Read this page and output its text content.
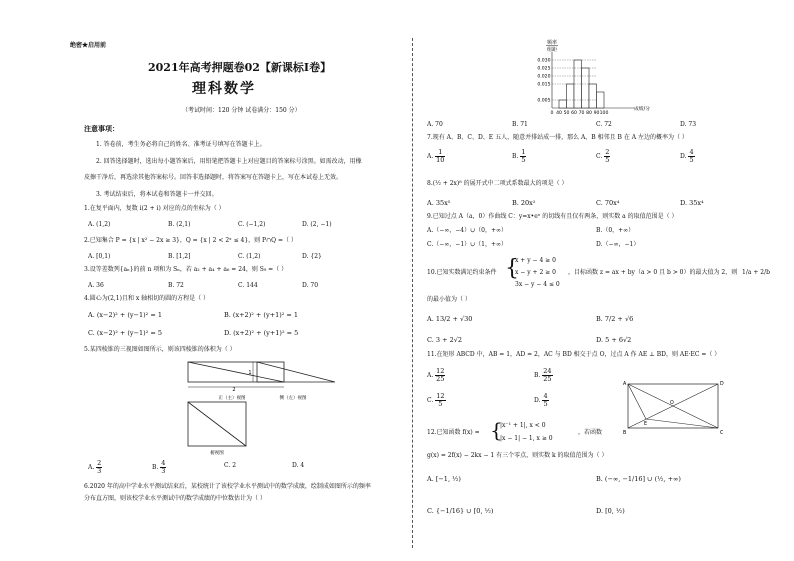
绝密★启用前
2021年高考押题卷02【新课标Ⅰ卷】
理科数学
（考试时间：120 分钟 试卷满分：150 分）
注意事项：
1. 答卷前，考生务必将自己的姓名、准考证号填写在答题卡上。
2. 回答选择题时，选出每小题答案后，用铅笔把答题卡上对应题目的答案标号涂黑。如需改动，用橡
皮擦干净后，再选涂其他答案标号。回答非选择题时，将答案写在答题卡上，写在本试卷上无效。
3. 考试结束后，将本试卷和答题卡一并交回。
1.在复平面内，复数 i(2 + i) 对应的点的坐标为（ ）
A. (1,2)	B. (2,1)	C. (−1,2)	D. (2, −1)
2.已知集合 P = {x | x² − 2x ≥ 3}，Q = {x | 2 < 2ˣ ≤ 4}，则 P∩Q =（ ）
A. [0,1)	B. [1,2]	C. (1,2)	D. {2}
3.设等差数列{aₙ}的前 n 项和为 Sₙ，若 a₂ + a₄ + a₆ = 24，则 S₉ =（ ）
A. 36	B. 72	C. 144	D. 70
4.圆心为(2,1)且和 x 轴相切的圆的方程是（ ）
A. (x−2)² + (y−1)² = 1	B. (x+2)² + (y+1)² = 1
C. (x−2)² + (y−1)² = 5	D. (x+2)² + (y+1)² = 5
5.某四棱锥的三视图如图所示，则该四棱锥的体积为（ ）
2
正（主）视图
1
侧（左）视图
俯视图
A. $\frac{2}{3}$	B. $\frac{4}{3}$	C. 2	D. 4
6.2020 年的高中学业水平测试结束后，某校统计了该校学业水平测试中的数学成绩，绘制成如图所示的频率
分布直方图，则该校学业水平测试中的数学成绩的中位数估计为（ ）
频率
组距
成绩/分
0.005
0.015
0.020
0.025
0.030
0 40 50 60 70 80 90 100
A. 70	B. 71	C. 72	D. 73
7.现有 A、B、C、D、E 五人，随意并排站成一排，那么 A、B 相邻且 B 在 A 左边的概率为（ ）
A. $\frac{1}{10}$	B. $\frac{1}{5}$	C. $\frac{2}{5}$	D. $\frac{4}{5}$
8.(½ + 2x)⁸ 的展开式中二项式系数最大的项是（ ）
A. 35x⁵	B. 20x²	C. 70x⁴	D. 35x⁴
9.已知过点 A（a，0）作曲线 C：y=x•eˣ 的切线有且仅有两条，则实数 a 的取值范围是（ ）
A.（−∞，−4）∪（0，+∞）	B.（0，+∞）
C.（−∞，−1）∪（1，+∞）	D.（−∞，−1）
10.已知实数满足约束条件 {
x + y − 4 ≥ 0
x − y + 2 ≥ 0
3x − y − 4 ≤ 0
，目标函数 z = ax + by（a > 0 且 b > 0）的最大值为 2，则 1/a + 2/b
的最小值为（ ）
A. 13/2 + √30	B. 7/2 + √6
C. 3 + 2√2	D. 5 + 6√2
11.在矩形 ABCD 中，AB = 1，AD = 2，AC 与 BD 相交于点 O，过点 A 作 AE ⊥ BD，则 AE·EC =（ ）
A. $\frac{12}{25}$	B. $\frac{24}{25}$
C. $\frac{12}{5}$	D. $\frac{4}{5}$
A
B	C
D
E
O
12.已知函数 f(x) = {
|x⁻¹ + 1|, x < 0
|x − 1| − 1, x ≥ 0
，若函数
g(x) = 2f(x) − 2kx − 1 有三个零点，则实数 k 的取值范围为（ ）
A. [−1, ½)	B. (−∞, −1/16] ∪ (½, +∞)
C. {−1/16} ∪ [0, ½)	D. [0, ½)
